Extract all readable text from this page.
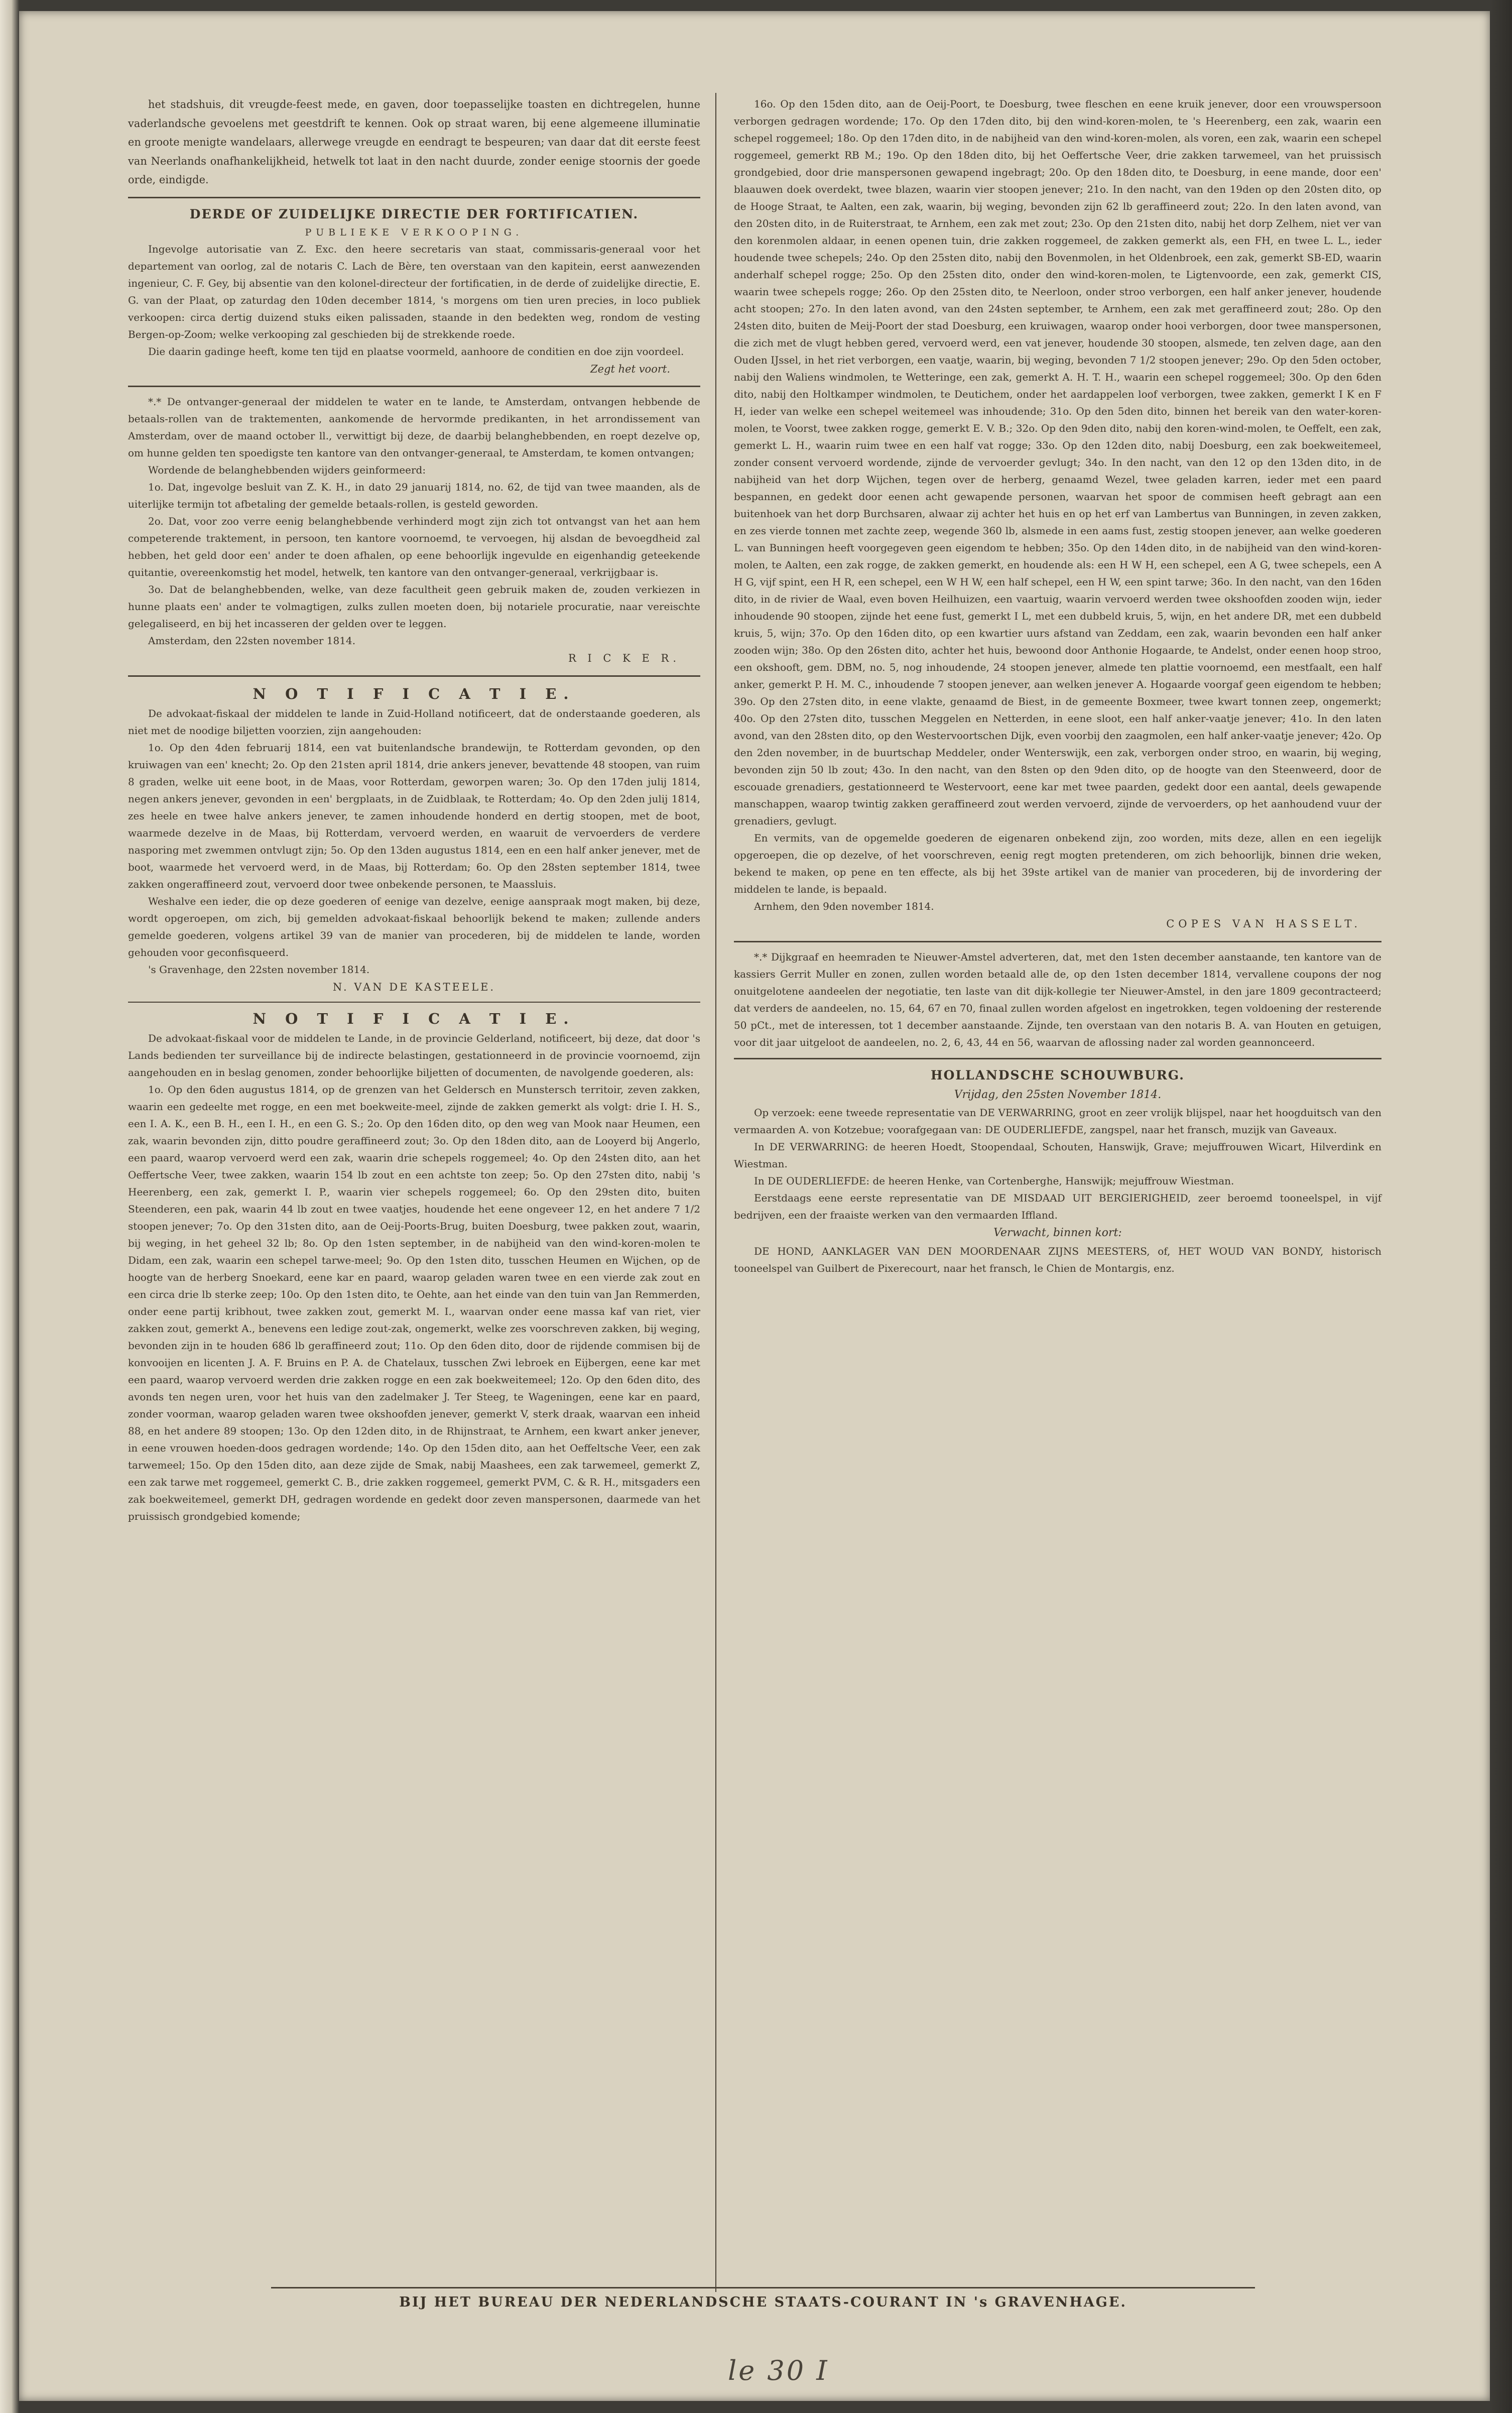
het stadshuis, dit vreugde-feest mede, en gaven, door toepasselijke toasten en dichtregelen, hunne vaderlandsche gevoelens met geestdrift te kennen. Ook op straat waren, bij eene algemeene illuminatie en groote menigte wandelaars, allerwege vreugde en eendragt te bespeuren; van daar dat dit eerste feest van Neerlands onafhankelijkheid, hetwelk tot laat in den nacht duurde, zonder eenige stoornis der goede orde, eindigde.

DERDE OF ZUIDELIJKE DIRECTIE DER FORTIFICATIEN.
PUBLIEKE VERKOOPING.

Ingevolge autorisatie van Z. Exc. den heere secretaris van staat, commissaris-generaal voor het departement van oorlog, zal de notaris C. Lach de Bère, ten overstaan van den kapitein, eerst aanwezenden ingenieur, C. F. Gey, bij absentie van den kolonel-directeur der fortificatien, in de derde of zuidelijke directie, E. G. van der Plaat, op zaturdag den 10den december 1814, 's morgens om tien uren precies, in loco publiek verkoopen: circa dertig duizend stuks eiken palissaden, staande in den bedekten weg, rondom de vesting Bergen-op-Zoom; welke verkooping zal geschieden bij de strekkende roede.

Die daarin gadinge heeft, kome ten tijd en plaatse voormeld, aanhoore de conditien en doe zijn voordeel.

Zegt het voort.

*.* De ontvanger-generaal der middelen te water en te lande, te Amsterdam, ontvangen hebbende de betaals-rollen van de traktementen, aankomende de hervormde predikanten, in het arrondissement van Amsterdam, over de maand october ll., verwittigt bij deze, de daarbij belanghebbenden, en roept dezelve op, om hunne gelden ten spoedigste ten kantore van den ontvanger-generaal, te Amsterdam, te komen ontvangen;

Wordende de belanghebbenden wijders geinformeerd:

1o. Dat, ingevolge besluit van Z. K. H., in dato 29 januarij 1814, no. 62, de tijd van twee maanden, als de uiterlijke termijn tot afbetaling der gemelde betaals-rollen, is gesteld geworden.

2o. Dat, voor zoo verre eenig belanghebbende verhinderd mogt zijn zich tot ontvangst van het aan hem competerende traktement, in persoon, ten kantore voornoemd, te vervoegen, hij alsdan de bevoegdheid zal hebben, het geld door een' ander te doen afhalen, op eene behoorlijk ingevulde en eigenhandig geteekende quitantie, overeenkomstig het model, hetwelk, ten kantore van den ontvanger-generaal, verkrijgbaar is.

3o. Dat de belanghebbenden, welke, van deze facultheit geen gebruik maken de, zouden verkiezen in hunne plaats een' ander te volmagtigen, zulks zullen moeten doen, bij notariele procuratie, naar vereischte gelegaliseerd, en bij het incasseren der gelden over te leggen.

Amsterdam, den 22sten november 1814.

R I C K E R.
N O T I F I C A T I E.

De advokaat-fiskaal der middelen te lande in Zuid-Holland notificeert, dat de onderstaande goederen, als niet met de noodige biljetten voorzien, zijn aangehouden:

1o. Op den 4den februarij 1814, een vat buitenlandsche brandewijn, te Rotterdam gevonden, op den kruiwagen van een' knecht; 2o. Op den 21sten april 1814, drie ankers jenever, bevattende 48 stoopen, van ruim 8 graden, welke uit eene boot, in de Maas, voor Rotterdam, geworpen waren; 3o. Op den 17den julij 1814, negen ankers jenever, gevonden in een' bergplaats, in de Zuidblaak, te Rotterdam; 4o. Op den 2den julij 1814, zes heele en twee halve ankers jenever, te zamen inhoudende honderd en dertig stoopen, met de boot, waarmede dezelve in de Maas, bij Rotterdam, vervoerd werden, en waaruit de vervoerders de verdere nasporing met zwemmen ontvlugt zijn; 5o. Op den 13den augustus 1814, een en een half anker jenever, met de boot, waarmede het vervoerd werd, in de Maas, bij Rotterdam; 6o. Op den 28sten september 1814, twee zakken ongeraffineerd zout, vervoerd door twee onbekende personen, te Maassluis.

Weshalve een ieder, die op deze goederen of eenige van dezelve, eenige aanspraak mogt maken, bij deze, wordt opgeroepen, om zich, bij gemelden advokaat-fiskaal behoorlijk bekend te maken; zullende anders gemelde goederen, volgens artikel 39 van de manier van procederen, bij de middelen te lande, worden gehouden voor geconfisqueerd.

's Gravenhage, den 22sten november 1814.

N. VAN DE KASTEELE.
N O T I F I C A T I E.

De advokaat-fiskaal voor de middelen te Lande, in de provincie Gelderland, notificeert, bij deze, dat door 's Lands bedienden ter surveillance bij de indirecte belastingen, gestationneerd in de provincie voornoemd, zijn aangehouden en in beslag genomen, zonder behoorlijke biljetten of documenten, de navolgende goederen, als:

1o. Op den 6den augustus 1814, op de grenzen van het Geldersch en Munstersch territoir, zeven zakken, waarin een gedeelte met rogge, en een met boekweite-meel, zijnde de zakken gemerkt als volgt: drie I. H. S., een I. A. K., een B. H., een I. H., en een G. S.; 2o. Op den 16den dito, op den weg van Mook naar Heumen, een zak, waarin bevonden zijn, ditto poudre geraffineerd zout; 3o. Op den 18den dito, aan de Looyerd bij Angerlo, een paard, waarop vervoerd werd een zak, waarin drie schepels roggemeel; 4o. Op den 24sten dito, aan het Oeffertsche Veer, twee zakken, waarin 154 lb zout en een achtste ton zeep; 5o. Op den 27sten dito, nabij 's Heerenberg, een zak, gemerkt I. P., waarin vier schepels roggemeel; 6o. Op den 29sten dito, buiten Steenderen, een pak, waarin 44 lb zout en twee vaatjes, houdende het eene ongeveer 12, en het andere 7 1/2 stoopen jenever; 7o. Op den 31sten dito, aan de Oeij-Poorts-Brug, buiten Doesburg, twee pakken zout, waarin, bij weging, in het geheel 32 lb; 8o. Op den 1sten september, in de nabijheid van den wind-koren-molen te Didam, een zak, waarin een schepel tarwe-meel; 9o. Op den 1sten dito, tusschen Heumen en Wijchen, op de hoogte van de herberg Snoekard, eene kar en paard, waarop geladen waren twee en een vierde zak zout en een circa drie lb sterke zeep; 10o. Op den 1sten dito, te Oehte, aan het einde van den tuin van Jan Remmerden, onder eene partij kribhout, twee zakken zout, gemerkt M. I., waarvan onder eene massa kaf van riet, vier zakken zout, gemerkt A., benevens een ledige zout-zak, ongemerkt, welke zes voorschreven zakken, bij weging, bevonden zijn in te houden 686 lb geraffineerd zout; 11o. Op den 6den dito, door de rijdende commisen bij de konvooijen en licenten J. A. F. Bruins en P. A. de Chatelaux, tusschen Zwi lebroek en Eijbergen, eene kar met een paard, waarop vervoerd werden drie zakken rogge en een zak boekweitemeel; 12o. Op den 6den dito, des avonds ten negen uren, voor het huis van den zadelmaker J. Ter Steeg, te Wageningen, eene kar en paard, zonder voorman, waarop geladen waren twee okshoofden jenever, gemerkt V, sterk draak, waarvan een inheid 88, en het andere 89 stoopen; 13o. Op den 12den dito, in de Rhijnstraat, te Arnhem, een kwart anker jenever, in eene vrouwen hoeden-doos gedragen wordende; 14o. Op den 15den dito, aan het Oeffeltsche Veer, een zak tarwemeel; 15o. Op den 15den dito, aan deze zijde de Smak, nabij Maashees, een zak tarwemeel, gemerkt Z, een zak tarwe met roggemeel, gemerkt C. B., drie zakken roggemeel, gemerkt PVM, C. & R. H., mitsgaders een zak boekweitemeel, gemerkt DH, gedragen wordende en gedekt door zeven manspersonen, daarmede van het pruissisch grondgebied komende;

16o. Op den 15den dito, aan de Oeij-Poort, te Doesburg, twee fleschen en eene kruik jenever, door een vrouwspersoon verborgen gedragen wordende; 17o. Op den 17den dito, bij den wind-koren-molen, te 's Heerenberg, een zak, waarin een schepel roggemeel; 18o. Op den 17den dito, in de nabijheid van den wind-koren-molen, als voren, een zak, waarin een schepel roggemeel, gemerkt RB M.; 19o. Op den 18den dito, bij het Oeffertsche Veer, drie zakken tarwemeel, van het pruissisch grondgebied, door drie manspersonen gewapend ingebragt; 20o. Op den 18den dito, te Doesburg, in eene mande, door een' blaauwen doek overdekt, twee blazen, waarin vier stoopen jenever; 21o. In den nacht, van den 19den op den 20sten dito, op de Hooge Straat, te Aalten, een zak, waarin, bij weging, bevonden zijn 62 lb geraffineerd zout; 22o. In den laten avond, van den 20sten dito, in de Ruiterstraat, te Arnhem, een zak met zout; 23o. Op den 21sten dito, nabij het dorp Zelhem, niet ver van den korenmolen aldaar, in eenen openen tuin, drie zakken roggemeel, de zakken gemerkt als, een FH, en twee L. L., ieder houdende twee schepels; 24o. Op den 25sten dito, nabij den Bovenmolen, in het Oldenbroek, een zak, gemerkt SB-ED, waarin anderhalf schepel rogge; 25o. Op den 25sten dito, onder den wind-koren-molen, te Ligtenvoorde, een zak, gemerkt CIS, waarin twee schepels rogge; 26o. Op den 25sten dito, te Neerloon, onder stroo verborgen, een half anker jenever, houdende acht stoopen; 27o. In den laten avond, van den 24sten september, te Arnhem, een zak met geraffineerd zout; 28o. Op den 24sten dito, buiten de Meij-Poort der stad Doesburg, een kruiwagen, waarop onder hooi verborgen, door twee manspersonen, die zich met de vlugt hebben gered, vervoerd werd, een vat jenever, houdende 30 stoopen, alsmede, ten zelven dage, aan den Ouden IJssel, in het riet verborgen, een vaatje, waarin, bij weging, bevonden 7 1/2 stoopen jenever; 29o. Op den 5den october, nabij den Waliens windmolen, te Wetteringe, een zak, gemerkt A. H. T. H., waarin een schepel roggemeel; 30o. Op den 6den dito, nabij den Holtkamper windmolen, te Deutichem, onder het aardappelen loof verborgen, twee zakken, gemerkt I K en F H, ieder van welke een schepel weitemeel was inhoudende; 31o. Op den 5den dito, binnen het bereik van den water-koren-molen, te Voorst, twee zakken rogge, gemerkt E. V. B.; 32o. Op den 9den dito, nabij den koren-wind-molen, te Oeffelt, een zak, gemerkt L. H., waarin ruim twee en een half vat rogge; 33o. Op den 12den dito, nabij Doesburg, een zak boekweitemeel, zonder consent vervoerd wordende, zijnde de vervoerder gevlugt; 34o. In den nacht, van den 12 op den 13den dito, in de nabijheid van het dorp Wijchen, tegen over de herberg, genaamd Wezel, twee geladen karren, ieder met een paard bespannen, en gedekt door eenen acht gewapende personen, waarvan het spoor de commisen heeft gebragt aan een buitenhoek van het dorp Burchsaren, alwaar zij achter het huis en op het erf van Lambertus van Bunningen, in zeven zakken, en zes vierde tonnen met zachte zeep, wegende 360 lb, alsmede in een aams fust, zestig stoopen jenever, aan welke goederen L. van Bunningen heeft voorgegeven geen eigendom te hebben; 35o. Op den 14den dito, in de nabijheid van den wind-koren-molen, te Aalten, een zak rogge, de zakken gemerkt, en houdende als: een H W H, een schepel, een A G, twee schepels, een A H G, vijf spint, een H R, een schepel, een W H W, een half schepel, een H W, een spint tarwe; 36o. In den nacht, van den 16den dito, in de rivier de Waal, even boven Heilhuizen, een vaartuig, waarin vervoerd werden twee okshoofden zooden wijn, ieder inhoudende 90 stoopen, zijnde het eene fust, gemerkt I L, met een dubbeld kruis, 5, wijn, en het andere DR, met een dubbeld kruis, 5, wijn; 37o. Op den 16den dito, op een kwartier uurs afstand van Zeddam, een zak, waarin bevonden een half anker zooden wijn; 38o. Op den 26sten dito, achter het huis, bewoond door Anthonie Hogaarde, te Andelst, onder eenen hoop stroo, een okshooft, gem. DBM, no. 5, nog inhoudende, 24 stoopen jenever, almede ten plattie voornoemd, een mestfaalt, een half anker, gemerkt P. H. M. C., inhoudende 7 stoopen jenever, aan welken jenever A. Hogaarde voorgaf geen eigendom te hebben; 39o. Op den 27sten dito, in eene vlakte, genaamd de Biest, in de gemeente Boxmeer, twee kwart tonnen zeep, ongemerkt; 40o. Op den 27sten dito, tusschen Meggelen en Netterden, in eene sloot, een half anker-vaatje jenever; 41o. In den laten avond, van den 28sten dito, op den Westervoortschen Dijk, even voorbij den zaagmolen, een half anker-vaatje jenever; 42o. Op den 2den november, in de buurtschap Meddeler, onder Wenterswijk, een zak, verborgen onder stroo, en waarin, bij weging, bevonden zijn 50 lb zout; 43o. In den nacht, van den 8sten op den 9den dito, op de hoogte van den Steenweerd, door de escouade grenadiers, gestationneerd te Westervoort, eene kar met twee paarden, gedekt door een aantal, deels gewapende manschappen, waarop twintig zakken geraffineerd zout werden vervoerd, zijnde de vervoerders, op het aanhoudend vuur der grenadiers, gevlugt.

En vermits, van de opgemelde goederen de eigenaren onbekend zijn, zoo worden, mits deze, allen en een iegelijk opgeroepen, die op dezelve, of het voorschreven, eenig regt mogten pretenderen, om zich behoorlijk, binnen drie weken, bekend te maken, op pene en ten effecte, als bij het 39ste artikel van de manier van procederen, bij de invordering der middelen te lande, is bepaald.

Arnhem, den 9den november 1814.

COPES VAN HASSELT.

*.* Dijkgraaf en heemraden te Nieuwer-Amstel adverteren, dat, met den 1sten december aanstaande, ten kantore van de kassiers Gerrit Muller en zonen, zullen worden betaald alle de, op den 1sten december 1814, vervallene coupons der nog onuitgelotene aandeelen der negotiatie, ten laste van dit dijk-kollegie ter Nieuwer-Amstel, in den jare 1809 gecontracteerd; dat verders de aandeelen, no. 15, 64, 67 en 70, finaal zullen worden afgelost en ingetrokken, tegen voldoening der resterende 50 pCt., met de interessen, tot 1 december aanstaande. Zijnde, ten overstaan van den notaris B. A. van Houten en getuigen, voor dit jaar uitgeloot de aandeelen, no. 2, 6, 43, 44 en 56, waarvan de aflossing nader zal worden geannonceerd.

HOLLANDSCHE SCHOUWBURG.
Vrijdag, den 25sten November 1814.

Op verzoek: eene tweede representatie van DE VERWARRING, groot en zeer vrolijk blijspel, naar het hoogduitsch van den vermaarden A. von Kotzebue; voorafgegaan van: DE OUDERLIEFDE, zangspel, naar het fransch, muzijk van Gaveaux.

In DE VERWARRING: de heeren Hoedt, Stoopendaal, Schouten, Hanswijk, Grave; mejuffrouwen Wicart, Hilverdink en Wiestman.

In DE OUDERLIEFDE: de heeren Henke, van Cortenberghe, Hanswijk; mejuffrouw Wiestman.

Eerstdaags eene eerste representatie van DE MISDAAD UIT BERGIERIGHEID, zeer beroemd tooneelspel, in vijf bedrijven, een der fraaiste werken van den vermaarden Iffland.

Verwacht, binnen kort:

DE HOND, AANKLAGER VAN DEN MOORDENAAR ZIJNS MEESTERS, of, HET WOUD VAN BONDY, historisch tooneelspel van Guilbert de Pixerecourt, naar het fransch, le Chien de Montargis, enz.

BIJ HET BUREAU DER NEDERLANDSCHE STAATS-COURANT IN 's GRAVENHAGE.
le 30 I
